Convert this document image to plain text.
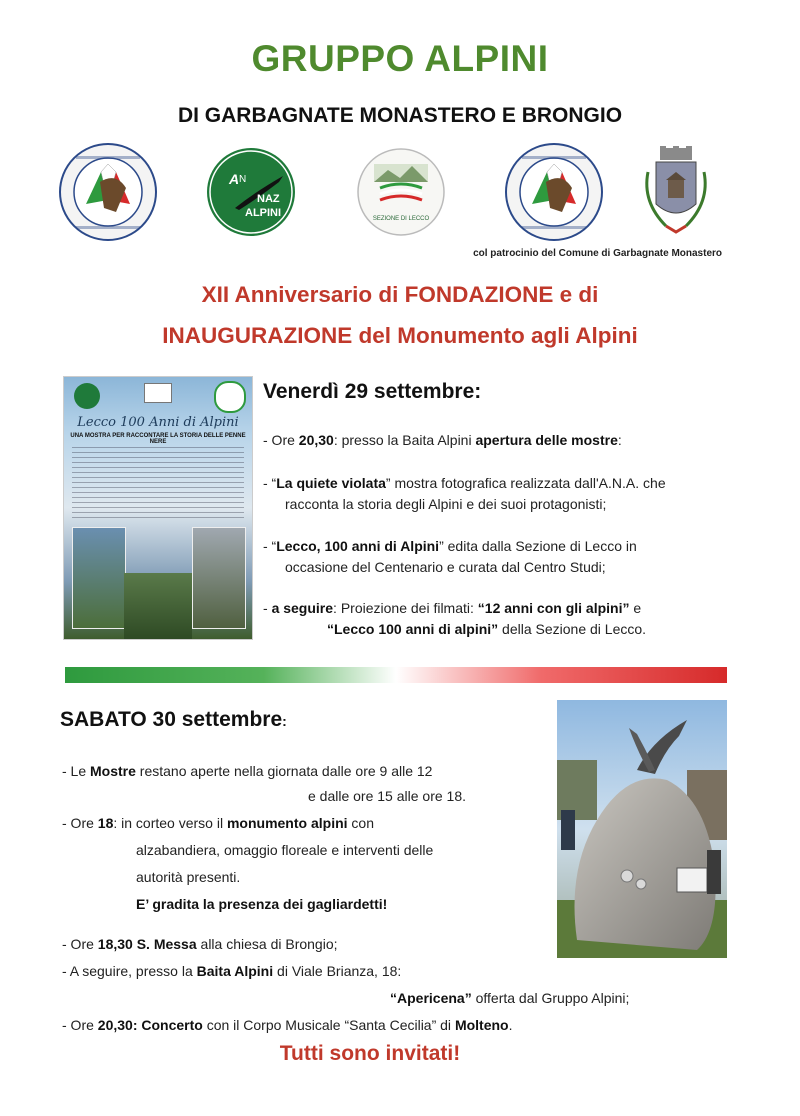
GRUPPO ALPINI
DI GARBAGNATE MONASTERO E BRONGIO
A N
NAZ
ALPINI	SEZIONE DI LECCO
col patrocinio del Comune di Garbagnate Monastero
XII Anniversario di FONDAZIONE e di
INAUGURAZIONE del Monumento agli Alpini
Lecco 100 Anni di Alpini
UNA MOSTRA PER RACCONTARE LA STORIA DELLE PENNE NERE
Venerdì 29 settembre:
- Ore 20,30: presso la Baita Alpini apertura delle mostre:
- “La quiete violata” mostra fotografica realizzata dall'A.N.A. che
racconta la storia degli Alpini e dei suoi protagonisti;
- “Lecco, 100 anni di Alpini” edita dalla Sezione di Lecco in
occasione del Centenario e curata dal Centro Studi;
- a seguire: Proiezione dei filmati: “12 anni con gli alpini” e
“Lecco 100 anni di alpini” della Sezione di Lecco.
SABATO 30 settembre:
- Le Mostre restano aperte nella giornata dalle ore 9 alle 12
e dalle ore 15 alle ore 18.
- Ore 18: in corteo verso il monumento alpini con
alzabandiera, omaggio floreale e interventi delle
autorità presenti.
E’ gradita la presenza dei gagliardetti!
- Ore 18,30 S. Messa alla chiesa di Brongio;
- A seguire, presso la Baita Alpini di Viale Brianza, 18:
“Apericena” offerta dal Gruppo Alpini;
- Ore 20,30: Concerto con il Corpo Musicale “Santa Cecilia” di Molteno.
Tutti sono invitati!
